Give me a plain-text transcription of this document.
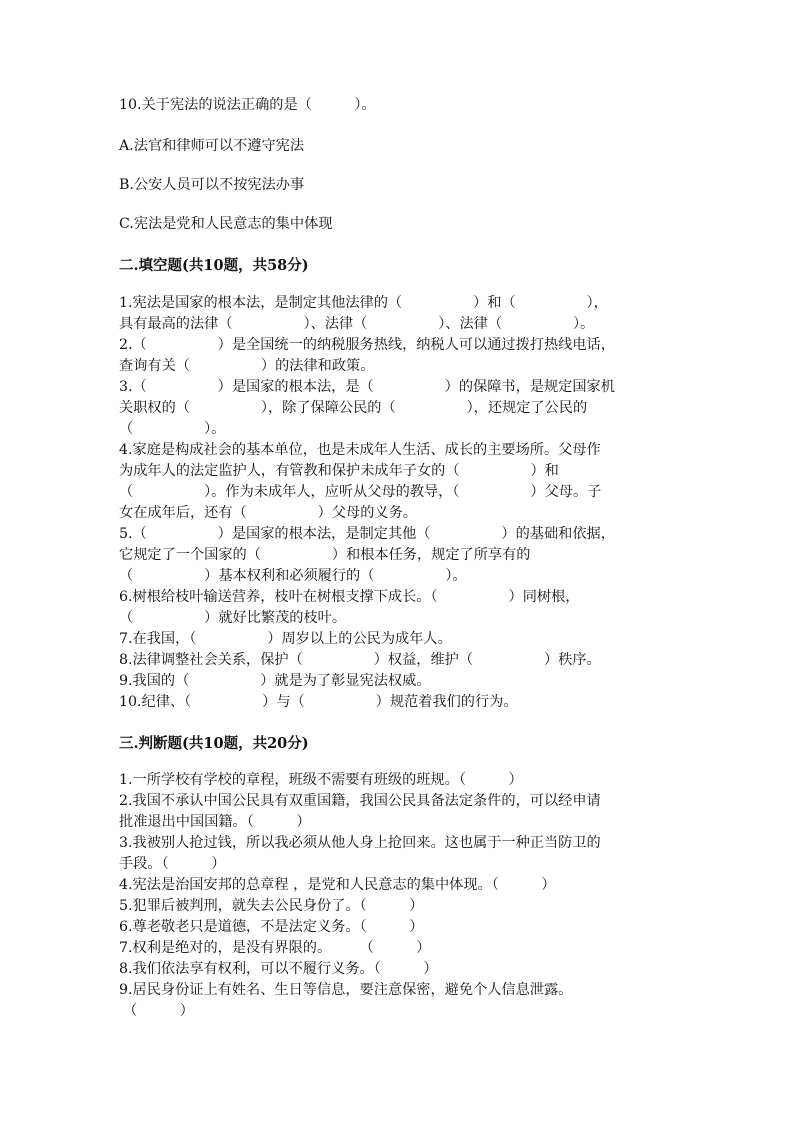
10.关于宪法的说法正确的是（　　　）。
A.法官和律师可以不遵守宪法
B.公安人员可以不按宪法办事
C.宪法是党和人民意志的集中体现
二.填空题(共10题，共58分)
1.宪法是国家的根本法，是制定其他法律的（　　　　　）和（　　　　　），
具有最高的法律（　　　　　）、法律（　　　　　）、法律（　　　　　）。
2.（　　　　　）是全国统一的纳税服务热线，纳税人可以通过拨打热线电话，
查询有关（　　　　　）的法律和政策。
3.（　　　　　）是国家的根本法，是（　　　　　）的保障书，是规定国家机
关职权的（　　　　　），除了保障公民的（　　　　　），还规定了公民的
（　　　　　）。
4.家庭是构成社会的基本单位，也是未成年人生活、成长的主要场所。父母作
为成年人的法定监护人，有管教和保护未成年子女的（　　　　　）和
（　　　　　）。作为未成年人，应听从父母的教导，（　　　　　）父母。子
女在成年后，还有（　　　　　）父母的义务。
5.（　　　　　）是国家的根本法，是制定其他（　　　　　）的基础和依据，
它规定了一个国家的（　　　　　）和根本任务，规定了所享有的
（　　　　　）基本权利和必须履行的（　　　　　）。
6.树根给枝叶输送营养，枝叶在树根支撑下成长。（　　　　　）同树根，
（　　　　　）就好比繁茂的枝叶。
7.在我国，（　　　　　）周岁以上的公民为成年人。
8.法律调整社会关系，保护（　　　　　）权益，维护（　　　　　）秩序。
9.我国的（　　　　　）就是为了彰显宪法权威。
10.纪律、（　　　　　）与（　　　　　）规范着我们的行为。
三.判断题(共10题，共20分)
1.一所学校有学校的章程，班级不需要有班级的班规。（　　　）
2.我国不承认中国公民具有双重国籍，我国公民具备法定条件的，可以经申请
批准退出中国国籍。（　　　）
3.我被别人抢过钱，所以我必须从他人身上抢回来。这也属于一种正当防卫的
手段。（　　　）
4.宪法是治国安邦的总章程 ，是党和人民意志的集中体现。（　　　）
5.犯罪后被判刑，就失去公民身份了。（　　　）
6.尊老敬老只是道德，不是法定义务。（　　　）
7.权利是绝对的，是没有界限的。　　　（　　　）
8.我们依法享有权利，可以不履行义务。（　　　）
9.居民身份证上有姓名、生日等信息，要注意保密，避免个人信息泄露。
（　　　）
